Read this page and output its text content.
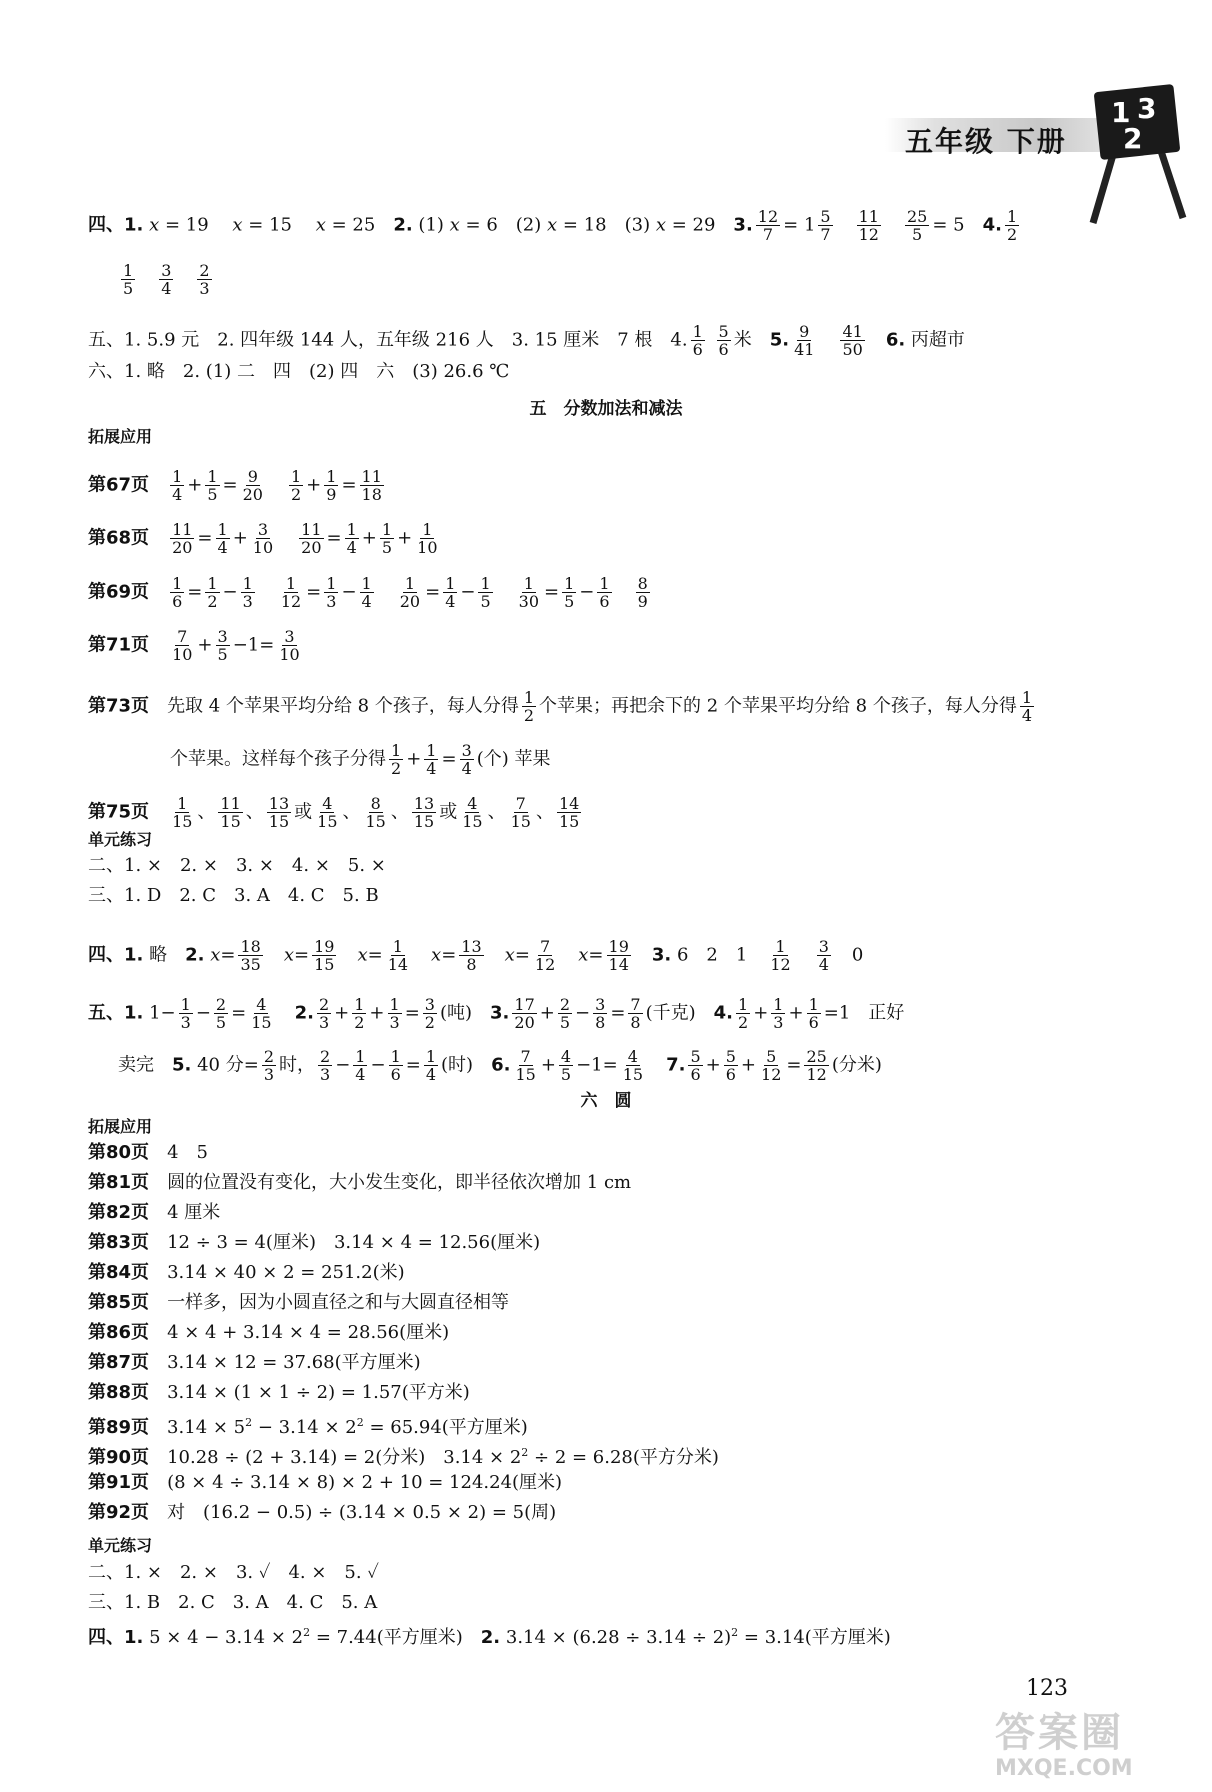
五年级 下册
1 3
2
四、1. x = 19　 x = 15　 x = 25　2. (1) x = 6　(2) x = 18　(3) x = 29　3. $\frac{12}{7} = 1 \frac{5}{7}$
　 $\frac{11}{12}$
　 $\frac{25}{5} = 5$　4. $\frac{1}{2}$
$\frac{1}{5}$
　 $\frac{3}{4}$
　 $\frac{2}{3}$
五、1. 5.9 元　2. 四年级 144 人，五年级 216 人　3. 15 厘米　7 根　4. $\frac{1}{6}$
$\frac{5}{6}$ 米　5. $\frac{9}{41}$
　 $\frac{41}{50}$
　 6. 丙超市
六、1. 略　2. (1) 二　四　(2) 四　六　(3) 26.6 ℃
五　分数加法和减法
拓展应用
第67页　 $\frac{1}{4} + \frac{1}{5} = \frac{9}{20}$
　 $\frac{1}{2} + \frac{1}{9} = \frac{11}{18}$
第68页　 $\frac{11}{20} = \frac{1}{4} + \frac{3}{10}$
　 $\frac{11}{20} = \frac{1}{4} + \frac{1}{5} + \frac{1}{10}$
第69页　 $\frac{1}{6} = \frac{1}{2} - \frac{1}{3}$
　 $\frac{1}{12} = \frac{1}{3} - \frac{1}{4}$
　 $\frac{1}{20} = \frac{1}{4} - \frac{1}{5}$
　 $\frac{1}{30} = \frac{1}{5} - \frac{1}{6}$
　 $\frac{8}{9}$
第71页　 $\frac{7}{10} + \frac{3}{5} -1= \frac{3}{10}$
第73页　 先取 4 个苹果平均分给 8 个孩子，每人分得 $\frac{1}{2}$ 个苹果；再把余下的 2 个苹果平均分给 8 个孩子，每人分得 $\frac{1}{4}$
个苹果。这样每个孩子分得 $\frac{1}{2} + \frac{1}{4} = \frac{3}{4}$ (个) 苹果
第75页　 $\frac{1}{15}$ 、 $\frac{11}{15}$ 、 $\frac{13}{15}$ 或 $\frac{4}{15}$ 、 $\frac{8}{15}$ 、 $\frac{13}{15}$ 或 $\frac{4}{15}$ 、 $\frac{7}{15}$ 、 $\frac{14}{15}$
单元练习
二、1. ×　2. ×　3. ×　4. ×　5. ×
三、1. D　2. C　3. A　4. C　5. B
四、1. 略　2. $x= \frac{18}{35}$
　 $x= \frac{19}{15}$
　 $x= \frac{1}{14}$
　 $x= \frac{13}{8}$
　 $x= \frac{7}{12}$
　 $x= \frac{19}{14}$
　 3. 6　2　1　 $\frac{1}{12}$
　 $\frac{3}{4}$ 　0
五、1. $1- \frac{1}{3} - \frac{2}{5} = \frac{4}{15}$
　 2. $\frac{2}{3} + \frac{1}{2} + \frac{1}{3} = \frac{3}{2}$ (吨)　3. $\frac{17}{20} + \frac{2}{5} - \frac{3}{8} = \frac{7}{8}$ (千克)　4. $\frac{1}{2} + \frac{1}{3} + \frac{1}{6} =1$　正好
卖完　5. 40 分= $\frac{2}{3}$ 时， $\frac{2}{3} - \frac{1}{4} - \frac{1}{6} = \frac{1}{4}$ (时)　6. $\frac{7}{15} + \frac{4}{5} -1= \frac{4}{15}$
　 7. $\frac{5}{6} + \frac{5}{6} + \frac{5}{12} = \frac{25}{12}$ (分米)
六　圆
拓展应用
第80页　 4　5
第81页　 圆的位置没有变化，大小发生变化，即半径依次增加 1 cm
第82页　 4 厘米
第83页　 12 ÷ 3 = 4(厘米)　3.14 × 4 = 12.56(厘米)
第84页　 3.14 × 40 × 2 = 251.2(米)
第85页　 一样多，因为小圆直径之和与大圆直径相等
第86页　 4 × 4 + 3.14 × 4 = 28.56(厘米)
第87页　 3.14 × 12 = 37.68(平方厘米)
第88页　 3.14 × (1 × 1 ÷ 2) = 1.57(平方米)
第89页　$3.14 \times 5^2 - 3.14 \times 2^2 = 65.94$(平方厘米)
第90页　 10.28 ÷ (2 + 3.14) = 2(分米)　$3.14 \times 2^2 \div 2 = 6.28$(平方分米)
第91页　 (8 × 4 ÷ 3.14 × 8) × 2 + 10 = 124.24(厘米)
第92页　 对　(16.2 − 0.5) ÷ (3.14 × 0.5 × 2) = 5(周)
单元练习
二、1. ×　2. ×　3. ✓　4. ×　5. ✓
三、1. B　2. C　3. A　4. C　5. A
四、1. $5 \times 4 - 3.14 \times 2^2 = 7.44$(平方厘米)　2. $3.14 \times (6.28 \div 3.14 \div 2)^2 = 3.14$(平方厘米)
123
答案圈
MXQE.COM
